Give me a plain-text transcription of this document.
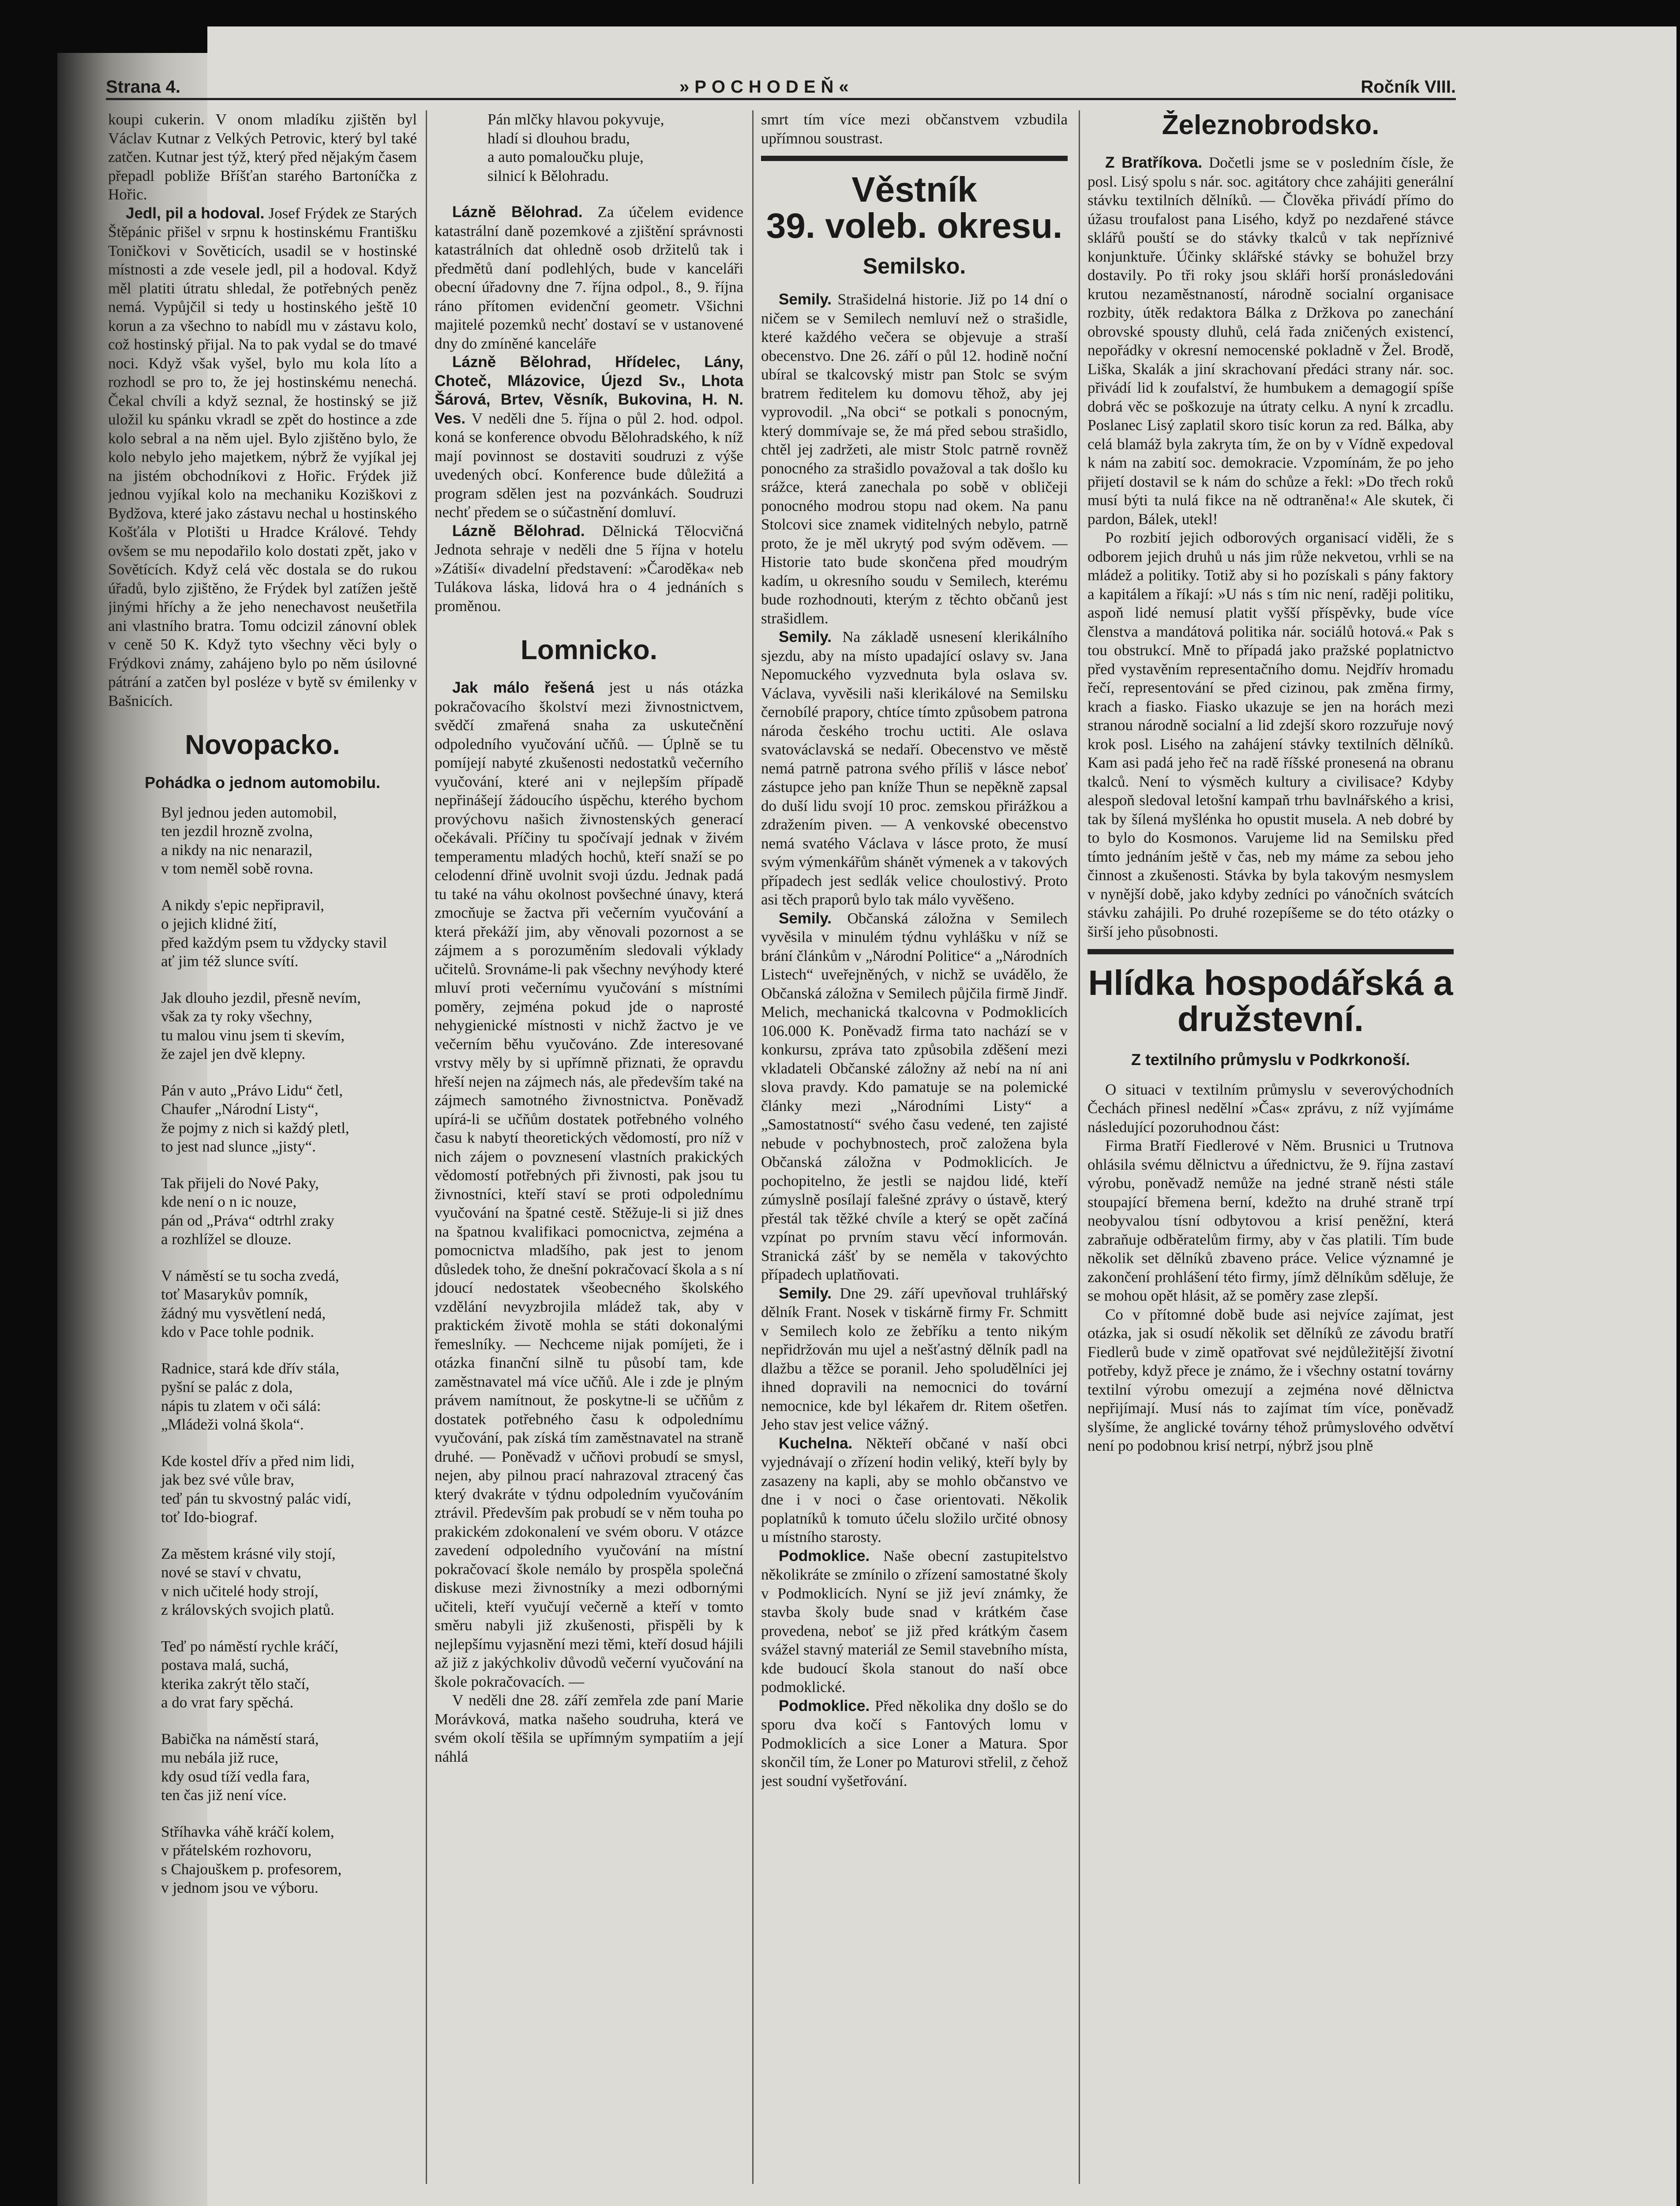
Strana 4.	»POCHODEŇ«	Ročník VIII.

koupi cukerin. V onom mladíku zjištěn byl Václav Kutnar z Velkých Petrovic, který byl také zatčen. Kutnar jest týž, který před nějakým časem přepadl pobliže Bříšťan starého Bartoníčka z Hořic.

Jedl, pil a hodoval. Josef Frýdek ze Starých Štěpánic přišel v srpnu k hostinskému Františku Toničkovi v Sověticích, usadil se v hostinské místnosti a zde vesele jedl, pil a hodoval. Když měl platiti útratu shledal, že potřebných peněz nemá. Vypůjčil si tedy u hostinského ještě 10 korun a za všechno to nabídl mu v zástavu kolo, což hostinský přijal. Na to pak vydal se do tmavé noci. Když však vyšel, bylo mu kola líto a rozhodl se pro to, že jej hostinskému nenechá. Čekal chvíli a když seznal, že hostinský se již uložil ku spánku vkradl se zpět do hostince a zde kolo sebral a na něm ujel. Bylo zjištěno bylo, že kolo nebylo jeho majetkem, nýbrž že vyjíkal jej na jistém obchodníkovi z Hořic. Frýdek již jednou vyjíkal kolo na mechaniku Koziškovi z Bydžova, které jako zástavu nechal u hostinského Košťála v Plotišti u Hradce Králové. Tehdy ovšem se mu nepodařilo kolo dostati zpět, jako v Sovětících. Když celá věc dostala se do rukou úřadů, bylo zjištěno, že Frýdek byl zatížen ještě jinými hříchy a že jeho nenechavost neušetřila ani vlastního bratra. Tomu odcizil zánovní oblek v ceně 50 K. Když tyto všechny věci byly o Frýdkovi známy, zahájeno bylo po něm úsilovné pátrání a zatčen byl posléze v bytě sv émilenky v Bašnicích.

Novopacko.
Pohádka o jednom automobilu.
Byl jednou jeden automobil,
ten jezdil hrozně zvolna,
a nikdy na nic nenarazil,
v tom neměl sobě rovna.
A nikdy s'epic nepřipravil,
o jejich klidné žití,
před každým psem tu vždycky stavil
ať jim též slunce svítí.
Jak dlouho jezdil, přesně nevím,
však za ty roky všechny,
tu malou vinu jsem ti skevím,
že zajel jen dvě klepny.
Pán v auto „Právo Lidu“ četl,
Chaufer „Národní Listy“,
že pojmy z nich si každý pletl,
to jest nad slunce „jisty“.
Tak přijeli do Nové Paky,
kde není o n ic nouze,
pán od „Práva“ odtrhl zraky
a rozhlížel se dlouze.
V náměstí se tu socha zvedá,
toť Masarykův pomník,
žádný mu vysvětlení nedá,
kdo v Pace tohle podnik.
Radnice, stará kde dřív stála,
pyšní se palác z dola,
nápis tu zlatem v oči sálá:
„Mládeži volná škola“.
Kde kostel dřív a před nim lidi,
jak bez své vůle brav,
teď pán tu skvostný palác vidí,
toť Ido-biograf.
Za městem krásné vily stojí,
nové se staví v chvatu,
v nich učitelé hody strojí,
z královských svojich platů.
Teď po náměstí rychle kráčí,
postava malá, suchá,
kterika zakrýt tělo stačí,
a do vrat fary spěchá.
Babička na náměstí stará,
mu nebála již ruce,
kdy osud tíží vedla fara,
ten čas již není více.
Stříhavka váhě kráčí kolem,
v přátelském rozhovoru,
s Chajouškem p. profesorem,
v jednom jsou ve výboru.
Pán mlčky hlavou pokyvuje,
hladí si dlouhou bradu,
a auto pomaloučku pluje,
silnicí k Bělohradu.

Lázně Bělohrad. Za účelem evidence katastrální daně pozemkové a zjištění správnosti katastrálních dat ohledně osob držitelů tak i předmětů daní podlehlých, bude v kanceláři obecní úřadovny dne 7. října odpol., 8., 9. října ráno přítomen evidenční geometr. Všichni majitelé pozemků nechť dostaví se v ustanovené dny do zmíněné kanceláře

Lázně Bělohrad, Hřídelec, Lány, Choteč, Mlázovice, Újezd Sv., Lhota Šárová, Brtev, Věsník, Bukovina, H. N. Ves. V neděli dne 5. října o půl 2. hod. odpol. koná se konference obvodu Bělohradského, k níž mají povinnost se dostaviti soudruzi z výše uvedených obcí. Konference bude důležitá a program sdělen jest na pozvánkách. Soudruzi nechť předem se o súčastnění domluví.

Lázně Bělohrad. Dělnická Tělocvičná Jednota sehraje v neděli dne 5 října v hotelu »Zátiší« divadelní představení: »Čaroděka« neb Tulákova láska, lidová hra o 4 jednáních s proměnou.

Lomnicko.

Jak málo řešená jest u nás otázka pokračovacího školství mezi živnostnictvem, svědčí zmařená snaha za uskutečnění odpoledního vyučování učňů. — Úplně se tu pomíjejí nabyté zkušenosti nedostatků večerního vyučování, které ani v nejlepším případě nepřinášejí žádoucího úspěchu, kterého bychom provýchovu našich živnostenských generací očekávali. Příčiny tu spočívají jednak v živém temperamentu mladých hochů, kteří snaží se po celodenní dřině uvolnit svoji úzdu. Jednak padá tu také na váhu okolnost povšechné únavy, která zmocňuje se žactva při večerním vyučování a která překáží jim, aby věnovali pozornost a se zájmem a s porozuměním sledovali výklady učitelů. Srovnáme-li pak všechny nevýhody které mluví proti večernímu vyučování s místními poměry, zejména pokud jde o naprosté nehygienické místnosti v nichž žactvo je ve večerním běhu vyučováno. Zde interesované vrstvy měly by si upřímně přiznati, že opravdu hřeší nejen na zájmech nás, ale především také na zájmech samotného živnostnictva. Poněvadž upírá-li se učňům dostatek potřebného volného času k nabytí theoretických vědomostí, pro níž v nich zájem o povznesení vlastních prakických vědomostí potřebných při živnosti, pak jsou tu živnostníci, kteří staví se proti odpolednímu vyučování na špatné cestě. Stěžuje-li si již dnes na špatnou kvalifikaci pomocnictva, zejména a pomocnictva mladšího, pak jest to jenom důsledek toho, že dnešní pokračovací škola a s ní jdoucí nedostatek všeobecného školského vzdělání nevyzbrojila mládež tak, aby v praktickém životě mohla se státi dokonalými řemeslníky. — Nechceme nijak pomíjeti, že i otázka finanční silně tu působí tam, kde zaměstnavatel má více učňů. Ale i zde je plným právem namítnout, že poskytne-li se učňům z dostatek potřebného času k odpolednímu vyučování, pak získá tím zaměstnavatel na straně druhé. — Poněvadž v učňovi probudí se smysl, nejen, aby pilnou prací nahrazoval ztracený čas který dvakráte v týdnu odpoledním vyučováním ztrávil. Především pak probudí se v něm touha po prakickém zdokonalení ve svém oboru. V otázce zavedení odpoledního vyučování na místní pokračovací škole nemálo by prospěla společná diskuse mezi živnostníky a mezi odbornými učiteli, kteří vyučují večerně a kteří v tomto směru nabyli již zkušenosti, přispěli by k nejlepšímu vyjasnění mezi těmi, kteří dosud hájili až již z jakýchkoliv důvodů večerní vyučování na škole pokračovacích. —

V neděli dne 28. září zemřela zde paní Marie Morávková, matka našeho soudruha, která ve svém okolí těšila se upřímným sympatiím a její náhlá

smrt tím více mezi občanstvem vzbudila upřímnou soustrast.

Věstník
39. voleb. okresu.
Semilsko.

Semily. Strašidelná historie. Již po 14 dní o ničem se v Semilech nemluví než o strašidle, které každého večera se objevuje a straší obecenstvo. Dne 26. září o půl 12. hodině noční ubíral se tkalcovský mistr pan Stolc se svým bratrem ředitelem ku domovu těhož, aby jej vyprovodil. „Na obci“ se potkali s ponocným, který dommívaje se, že má před sebou strašidlo, chtěl jej zadržeti, ale mistr Stolc patrně rovněž ponocného za strašidlo považoval a tak došlo ku srážce, která zanechala po sobě v obličeji ponocného modrou stopu nad okem. Na panu Stolcovi sice znamek viditelných nebylo, patrně proto, že je měl ukrytý pod svým oděvem. — Historie tato bude skončena před moudrým kadím, u okresního soudu v Semilech, kterému bude rozhodnouti, kterým z těchto občanů jest strašidlem.

Semily. Na základě usnesení klerikálního sjezdu, aby na místo upadající oslavy sv. Jana Nepomuckého vyzvednuta byla oslava sv. Václava, vyvěsili naši klerikálové na Semilsku černobílé prapory, chtíce tímto způsobem patrona národa českého trochu uctiti. Ale oslava svatováclavská se nedaří. Obecenstvo ve městě nemá patrně patrona svého příliš v lásce neboť zástupce jeho pan kníže Thun se nepěkně zapsal do duší lidu svojí 10 proc. zemskou přirážkou a zdražením piven. — A venkovské obecenstvo nemá svatého Václava v lásce proto, že musí svým výmenkářům shánět výmenek a v takových případech jest sedlák velice choulostivý. Proto asi těch praporů bylo tak málo vyvěšeno.

Semily. Občanská záložna v Semilech vyvěsila v minulém týdnu vyhlášku v níž se brání článkům v „Národní Politice“ a „Národních Listech“ uveřejněných, v nichž se uvádělo, že Občanská záložna v Semilech půjčila firmě Jindř. Melich, mechanická tkalcovna v Podmoklicích 106.000 K. Poněvadž firma tato nachází se v konkursu, zpráva tato způsobila zděšení mezi vkladateli Občanské záložny až nebí na ní ani slova pravdy. Kdo pamatuje se na polemické články mezi „Národními Listy“ a „Samostatností“ svého času vedené, ten zajisté nebude v pochybnostech, proč založena byla Občanská záložna v Podmoklicích. Je pochopitelno, že jestli se najdou lidé, kteří zúmyslně posílají falešné zprávy o ústavě, který přestál tak těžké chvíle a který se opět začíná vzpínat po prvním stavu věcí informován. Stranická zášť by se neměla v takovýchto případech uplatňovati.

Semily. Dne 29. září upevňoval truhlářský dělník Frant. Nosek v tiskárně firmy Fr. Schmitt v Semilech kolo ze žebříku a tento nikým nepřidržován mu ujel a nešťastný dělník padl na dlažbu a těžce se poranil. Jeho spoludělníci jej ihned dopravili na nemocnici do tovární nemocnice, kde byl lékařem dr. Ritem ošetřen. Jeho stav jest velice vážný.

Kuchelna. Někteří občané v naší obci vyjednávají o zřízení hodin veliký, kteří byly by zasazeny na kapli, aby se mohlo občanstvo ve dne i v noci o čase orientovati. Několik poplatníků k tomuto účelu složilo určité obnosy u místního starosty.

Podmoklice. Naše obecní zastupitelstvo několikráte se zmínilo o zřízení samostatné školy v Podmoklicích. Nyní se již jeví známky, že stavba školy bude snad v krátkém čase provedena, neboť se již před krátkým časem svážel stavný materiál ze Semil stavebního místa, kde budoucí škola stanout do naší obce podmoklické.

Podmoklice. Před několika dny došlo se do sporu dva kočí s Fantových lomu v Podmoklicích a sice Loner a Matura. Spor skončil tím, že Loner po Maturovi střelil, z čehož jest soudní vyšetřování.

Železnobrodsko.

Z Bratříkova. Dočetli jsme se v posledním čísle, že posl. Lisý spolu s nár. soc. agitátory chce zahájiti generální stávku textilních dělníků. — Člověka přivádí přímo do úžasu troufalost pana Lisého, když po nezdařené stávce sklářů pouští se do stávky tkalců v tak nepříznivé konjunktuře. Účinky sklářské stávky se bohužel brzy dostavily. Po tři roky jsou skláři horší pronásledováni krutou nezaměstnaností, národně socialní organisace rozbity, útěk redaktora Bálka z Držkova po zanechání obrovské spousty dluhů, celá řada zničených existencí, nepořádky v okresní nemocenské pokladně v Žel. Brodě, Liška, Skalák a jiní skrachovaní předáci strany nár. soc. přivádí lid k zoufalství, že humbukem a demagogií spíše dobrá věc se poškozuje na útraty celku. A nyní k zrcadlu. Poslanec Lisý zaplatil skoro tisíc korun za red. Bálka, aby celá blamáž byla zakryta tím, že on by v Vídně expedoval k nám na zabití soc. demokracie. Vzpomínám, že po jeho přijetí dostavil se k nám do schůze a řekl: »Do třech roků musí býti ta nulá fikce na ně odtraněna!« Ale skutek, či pardon, Bálek, utekl!

Po rozbití jejich odborových organisací viděli, že s odborem jejich druhů u nás jim růže nekvetou, vrhli se na mládež a politiky. Totiž aby si ho pozískali s pány faktory a kapitálem a říkají: »U nás s tím nic není, raději politiku, aspoň lidé nemusí platit vyšší příspěvky, bude více členstva a mandátová politika nár. sociálů hotová.« Pak s tou obstrukcí. Mně to případá jako pražské poplatnictvo před vystavěním representačního domu. Nejdřív hromadu řečí, representování se před cizinou, pak změna firmy, krach a fiasko. Fiasko ukazuje se jen na horách mezi stranou národně socialní a lid zdejší skoro rozzuřuje nový krok posl. Lisého na zahájení stávky textilních dělníků. Kam asi padá jeho řeč na radě říšské pronesená na obranu tkalců. Není to výsměch kultury a civilisace? Kdyby alespoň sledoval letošní kampaň trhu bavlnářského a krisi, tak by šílená myšlénka ho opustit musela. A neb dobré by to bylo do Kosmonos. Varujeme lid na Semilsku před tímto jednáním ještě v čas, neb my máme za sebou jeho činnost a zkušenosti. Stávka by byla takovým nesmyslem v nynější době, jako kdyby zedníci po vánočních svátcích stávku zahájili. Po druhé rozepíšeme se do této otázky o širší jeho působnosti.

Hlídka hospodářská a družstevní.
Z textilního průmyslu v Podkrkonoší.

O situaci v textilním průmyslu v severovýchodních Čechách přinesl nedělní »Čas« zprávu, z níž vyjímáme následující pozoruhodnou část:

Firma Bratří Fiedlerové v Něm. Brusnici u Trutnova ohlásila svému dělnictvu a úřednictvu, že 9. října zastaví výrobu, poněvadž nemůže na jedné straně nésti stále stoupající břemena berní, kdežto na druhé straně trpí neobyvalou tísní odbytovou a krisí peněžní, která zabraňuje odběratelům firmy, aby v čas platili. Tím bude několik set dělníků zbaveno práce. Velice významné je zakončení prohlášení této firmy, jímž dělníkům sděluje, že se mohou opět hlásit, až se poměry zase zlepší.

Co v přítomné době bude asi nejvíce zajímat, jest otázka, jak si osudí několik set dělníků ze závodu bratří Fiedlerů bude v zimě opatřovat své nejdůležitější životní potřeby, když přece je známo, že i všechny ostatní továrny textilní výrobu omezují a zejména nové dělnictva nepřijímají. Musí nás to zajímat tím více, poněvadž slyšíme, že anglické továrny téhož průmyslového odvětví není po podobnou krisí netrpí, nýbrž jsou plně
